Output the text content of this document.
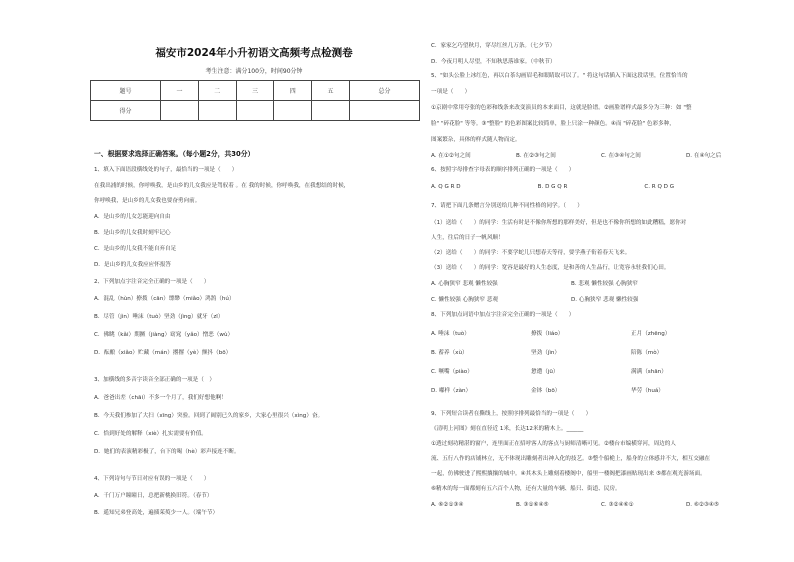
福安市2024年小升初语文高频考点检测卷
考生注意：满分100分，时间90分钟
题号	一	二	三	四	五	总分
得分						
一、根据要求选择正确答案。（每小题2分，共30分）
1、填入下面语段横线处的句子，最恰当的一项是（　　）
在我出浦的时候，你呼唤我，是山乡的儿女我应是驾驭着 。在 我的时候，你呼唤我，在我想结的时候，
你呼唤我，是山乡的儿女我也要奋勇向前。
A．是山乡的儿女怎能迎向自由
B．是山乡的儿女我时刻牢记心
C．是山乡的儿女我不能自弃自足
D．是山乡的儿女我应应怀报答
2、下列加点字注音完全正确的一项是（　　）
A．混乱（hùn）撩拨（cān）缥缈（miǎo）鸿鹄（hú）
B．尽管（jìn）唾沫（tuò）坚劲（jìng）就牙（zī）
C．佛眺（kǎi）期撅（jiàng）窈窕（yǎo）憎恶（wù）
D．酝酿（xiǎo）贮藏（mán）撂撂（yè）颤抖（bō）
3、加横线的多音字读音全部正确的一项是（　）
A．爸爸出差（chāi）不多一个月了，我们好想他啊！
B．今天我们参加了大扫（xīng）突验。回到了阔别已久的家乡，大家心里很兴（xìng）奋。
C．恰到好处的解释（xiè）扎实需要有价值。
D．她们的表演精彩极了，台下的喝（hè）彩声接连不断。
4、下列诗句与节日对应有误的一项是（　　）
A．千门万户瞳瞳日，总把新桃换旧符。（春节）
B．遥知兄弟登高处，遍插茱萸少一人。（端午节）
C．家家乞巧望秋月，穿尽红丝几万条。（七夕节）
D．今夜月明人尽望，不知秋思落谁家。（中秋节）
5、"如头公脸上冰红色，再以白茶勾画眉毛和眼睛取可以了。" 将这句话插入下面这段话里，位置恰当的
一项是（　　）
①京剧中常用夸张的色彩和线条来改变演员的本来面目，这就是脸谱。②画脸谱样式最多分为三种：如 "整
脸" "碎花脸" 等等。③"整脸" 的色彩图案比较简单，脸上只涂一种颜色。④而 "碎花脸" 色彩多种，
图案繁杂，具体的样式随人物而定。
A. 在①②句之间	B. 在②③句之间	C. 在③④句之间	D. 在④句之后
6、按照字母排查字母表的顺序排列正确的一项是（　　）
A. Q G R D	B. D G Q R	C. R Q D G
7、请把下面几条赠言分别送给几种不同性格的同学。（　　）
（1）送给（　　）的同学：生活有时是不像你所想的那样美好，但是也不像你所想的如此糟糕，愿你对
人生，往后的日子一帆风顺！
（2）送给（　　）的同学：不要学蛇儿只想春天等待，要学燕子衔着春天飞来。
（3）送给（　　）的同学：宽容是最好的人生态度，是和善的人生品行，让宽容永驻我们心田。
A. 心胸狭窄 悲观 懒性较强	B. 悲观 懒性较强 心胸狭窄
C. 懒性较强 心胸狭窄 悲观	D. 心胸狭窄 悲观 懒性较强
8、下列加点词语中加点字注音完全正确的一项是（　　）
A. 唾沫（tuò）	撩拨（liáo）	正月（zhēng）
B. 蓄养（xù）	坚劲（jìn）	陪陈（mò）
C. 噘嘴（piào）	惫遭（jū）	满满（shān）
D. 嘟样（zàn）	金钵（bō）	华劳（huá）
9、下列短合读者在撕线上，按照序排列最恰当的一项是（　　）
《清明上河图》刻在直径近 1米，长达12米的精木上。______
①透过刻功精湛的窗户，连里面正在招呼客人的客点与厨师清晰可见。②楼台市编横穿河，周边的人
流、五行八作的店铺林立，无不体现出雕刻者出神入化的技艺。③整个船桅上，船身的立体感并不大，相互交融在
一起，仿佛驶进了熙熙攘攘的城中。④其木头上雕刻着楼阁中，船里一楼阁把漆画贴现出来 ⑤都在观光游场面。
⑥精木的每一面都刻有五六百个人物，还有大量的车辆、船只、街道、民房。
A. ⑥②①③④	B. ③①⑥④⑤	C. ③②④⑥①	D. ⑥②③④⑤
